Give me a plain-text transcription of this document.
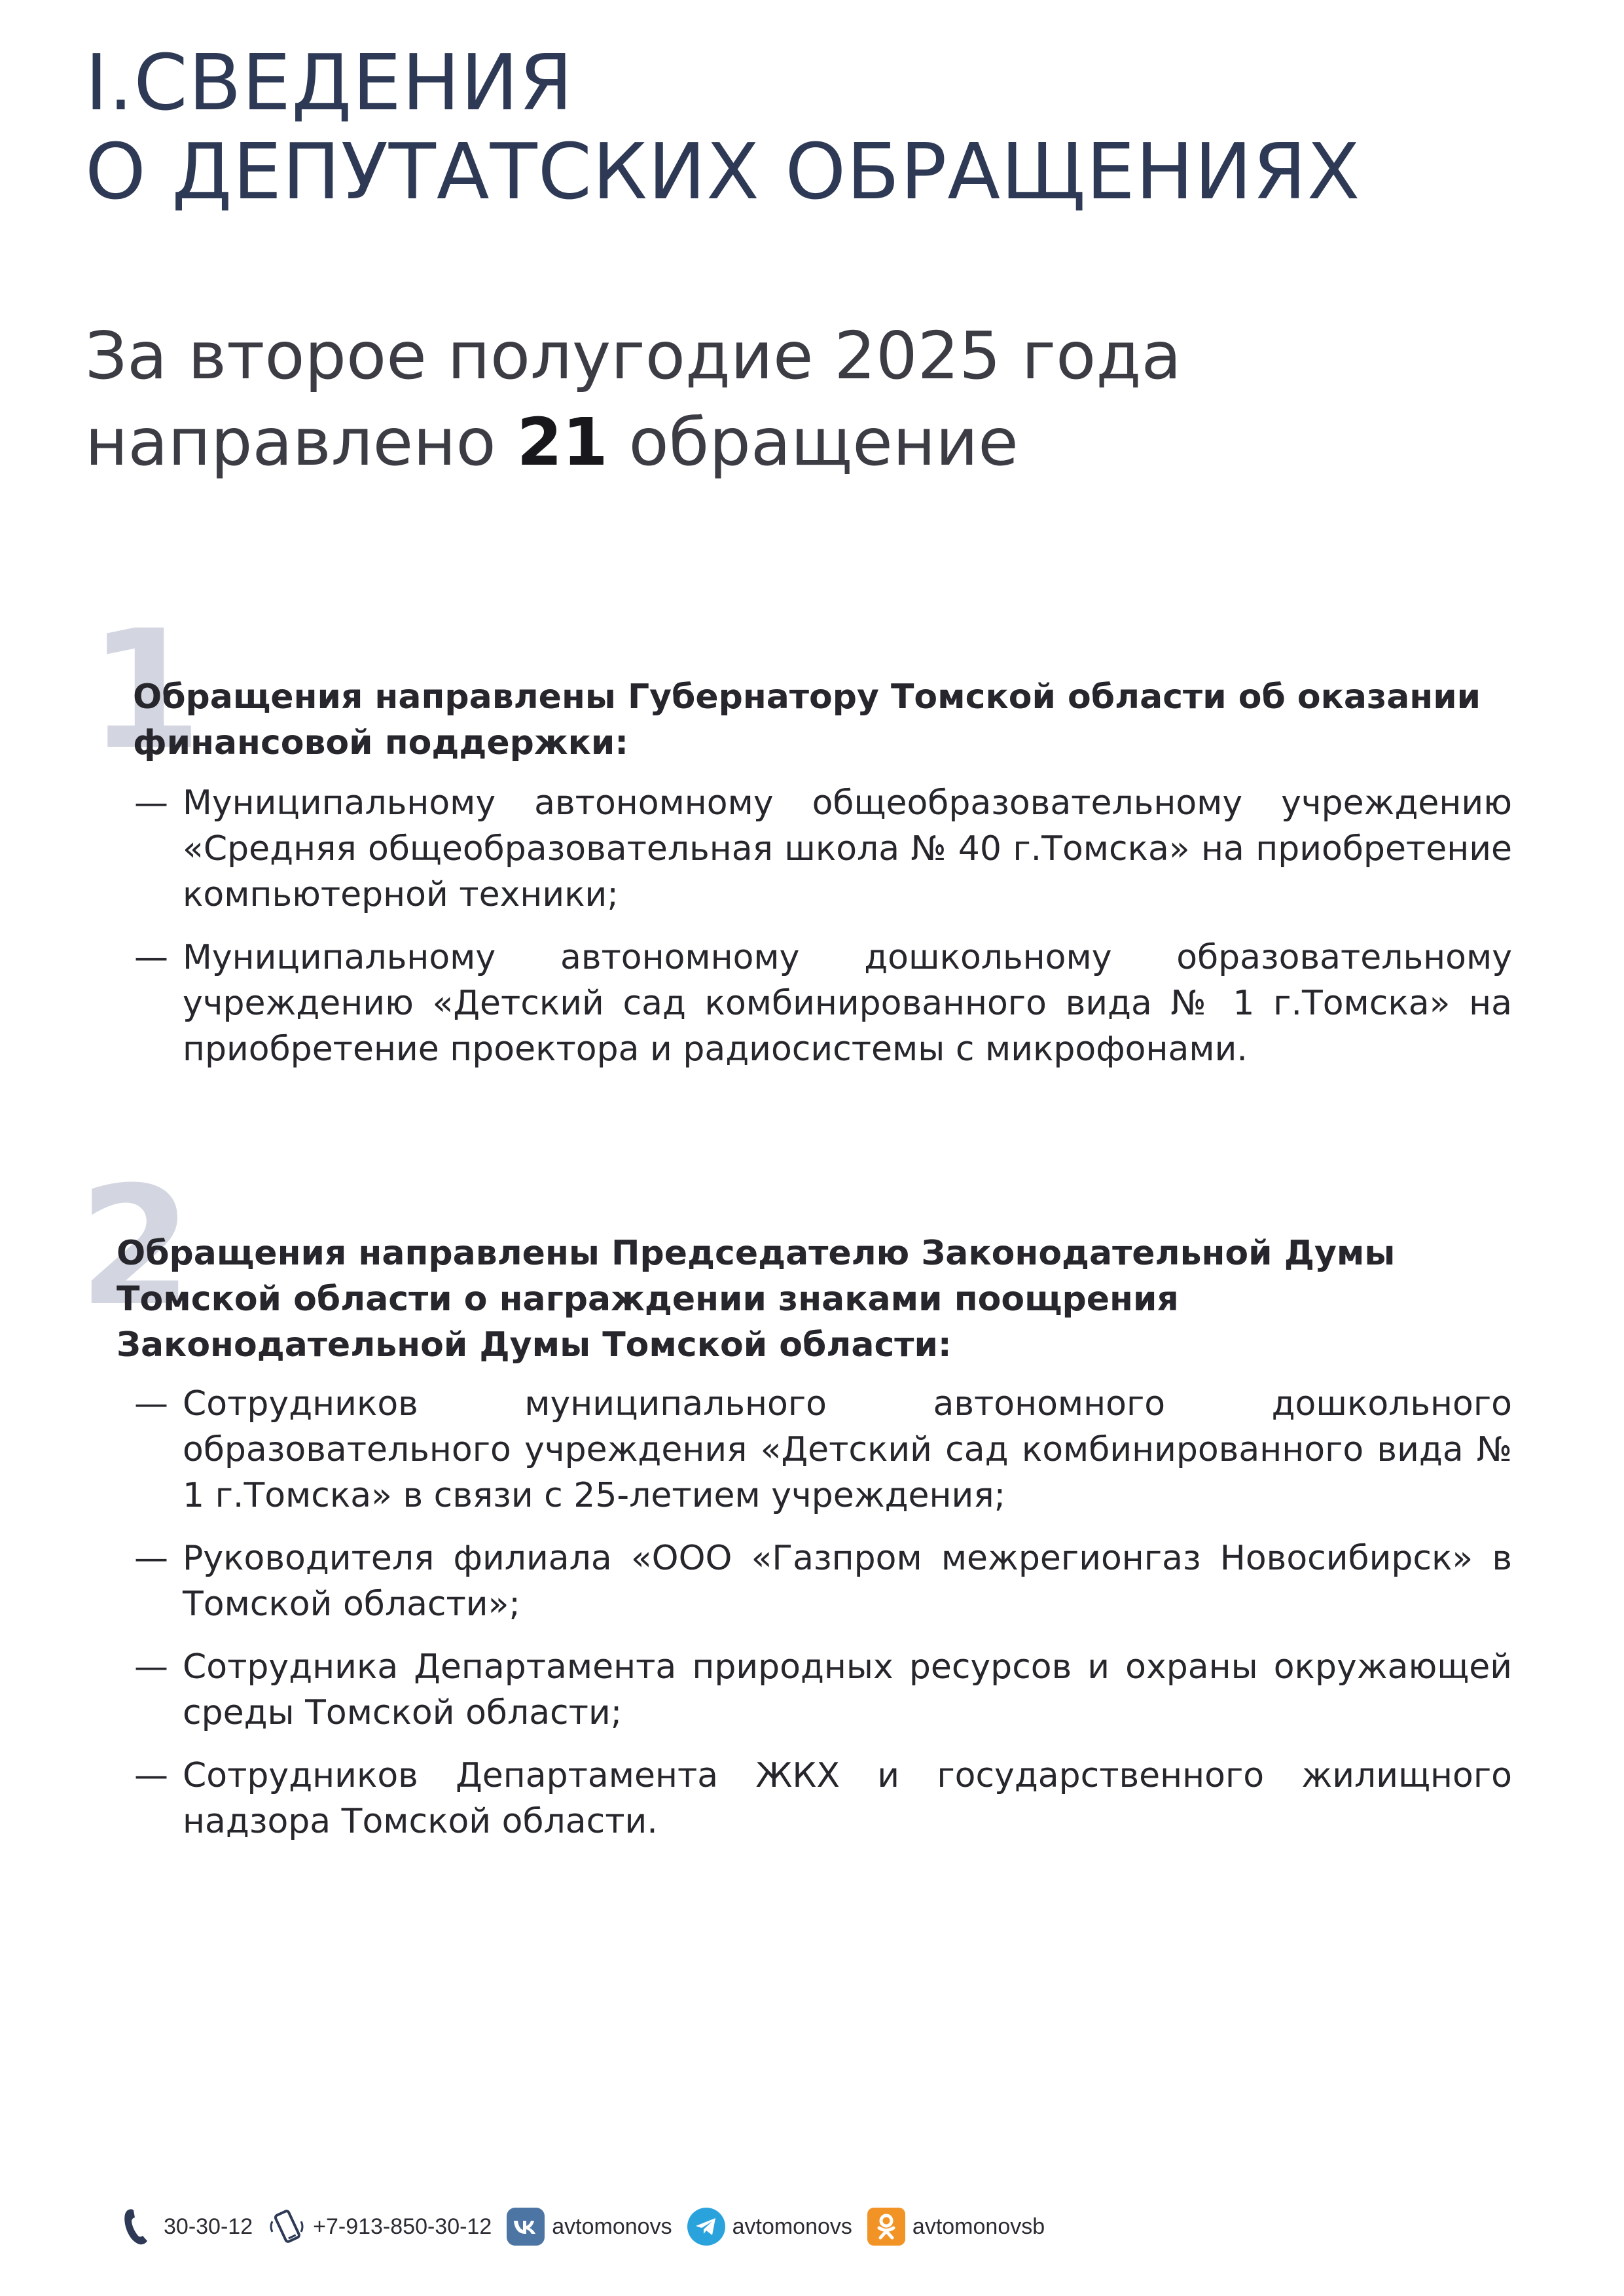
I.СВЕДЕНИЯ
О ДЕПУТАТСКИХ ОБРАЩЕНИЯХ
За второе полугодие 2025 года
направлено 21 обращение
1
Обращения направлены Губернатору Томской области об оказании финансовой поддержки:
— Муниципальному автономному общеобразовательному учреждению «Средняя общеобразовательная школа № 40 г.Томска» на приобретение компьютерной техники;
— Муниципальному автономному дошкольному образовательному учреждению «Детский сад комбинированного вида № 1 г.Томска» на приобретение проектора и радиосистемы с микрофонами.
2
Обращения направлены Председателю Законодательной Думы Томской области о награждении знаками поощрения Законодательной Думы Томской области:
— Сотрудников муниципального автономного дошкольного образовательного учреждения «Детский сад комбинированного вида № 1 г.Томска» в связи с 25-летием учреждения;
— Руководителя филиала «ООО «Газпром межрегионгаз Новосибирск» в Томской области»;
— Сотрудника Департамента природных ресурсов и охраны окружающей среды Томской области;
— Сотрудников Департамента ЖКХ и государственного жилищного надзора Томской области.
30-30-12	+7-913-850-30-12	avtomonovs	avtomonovs	avtomonovsb
